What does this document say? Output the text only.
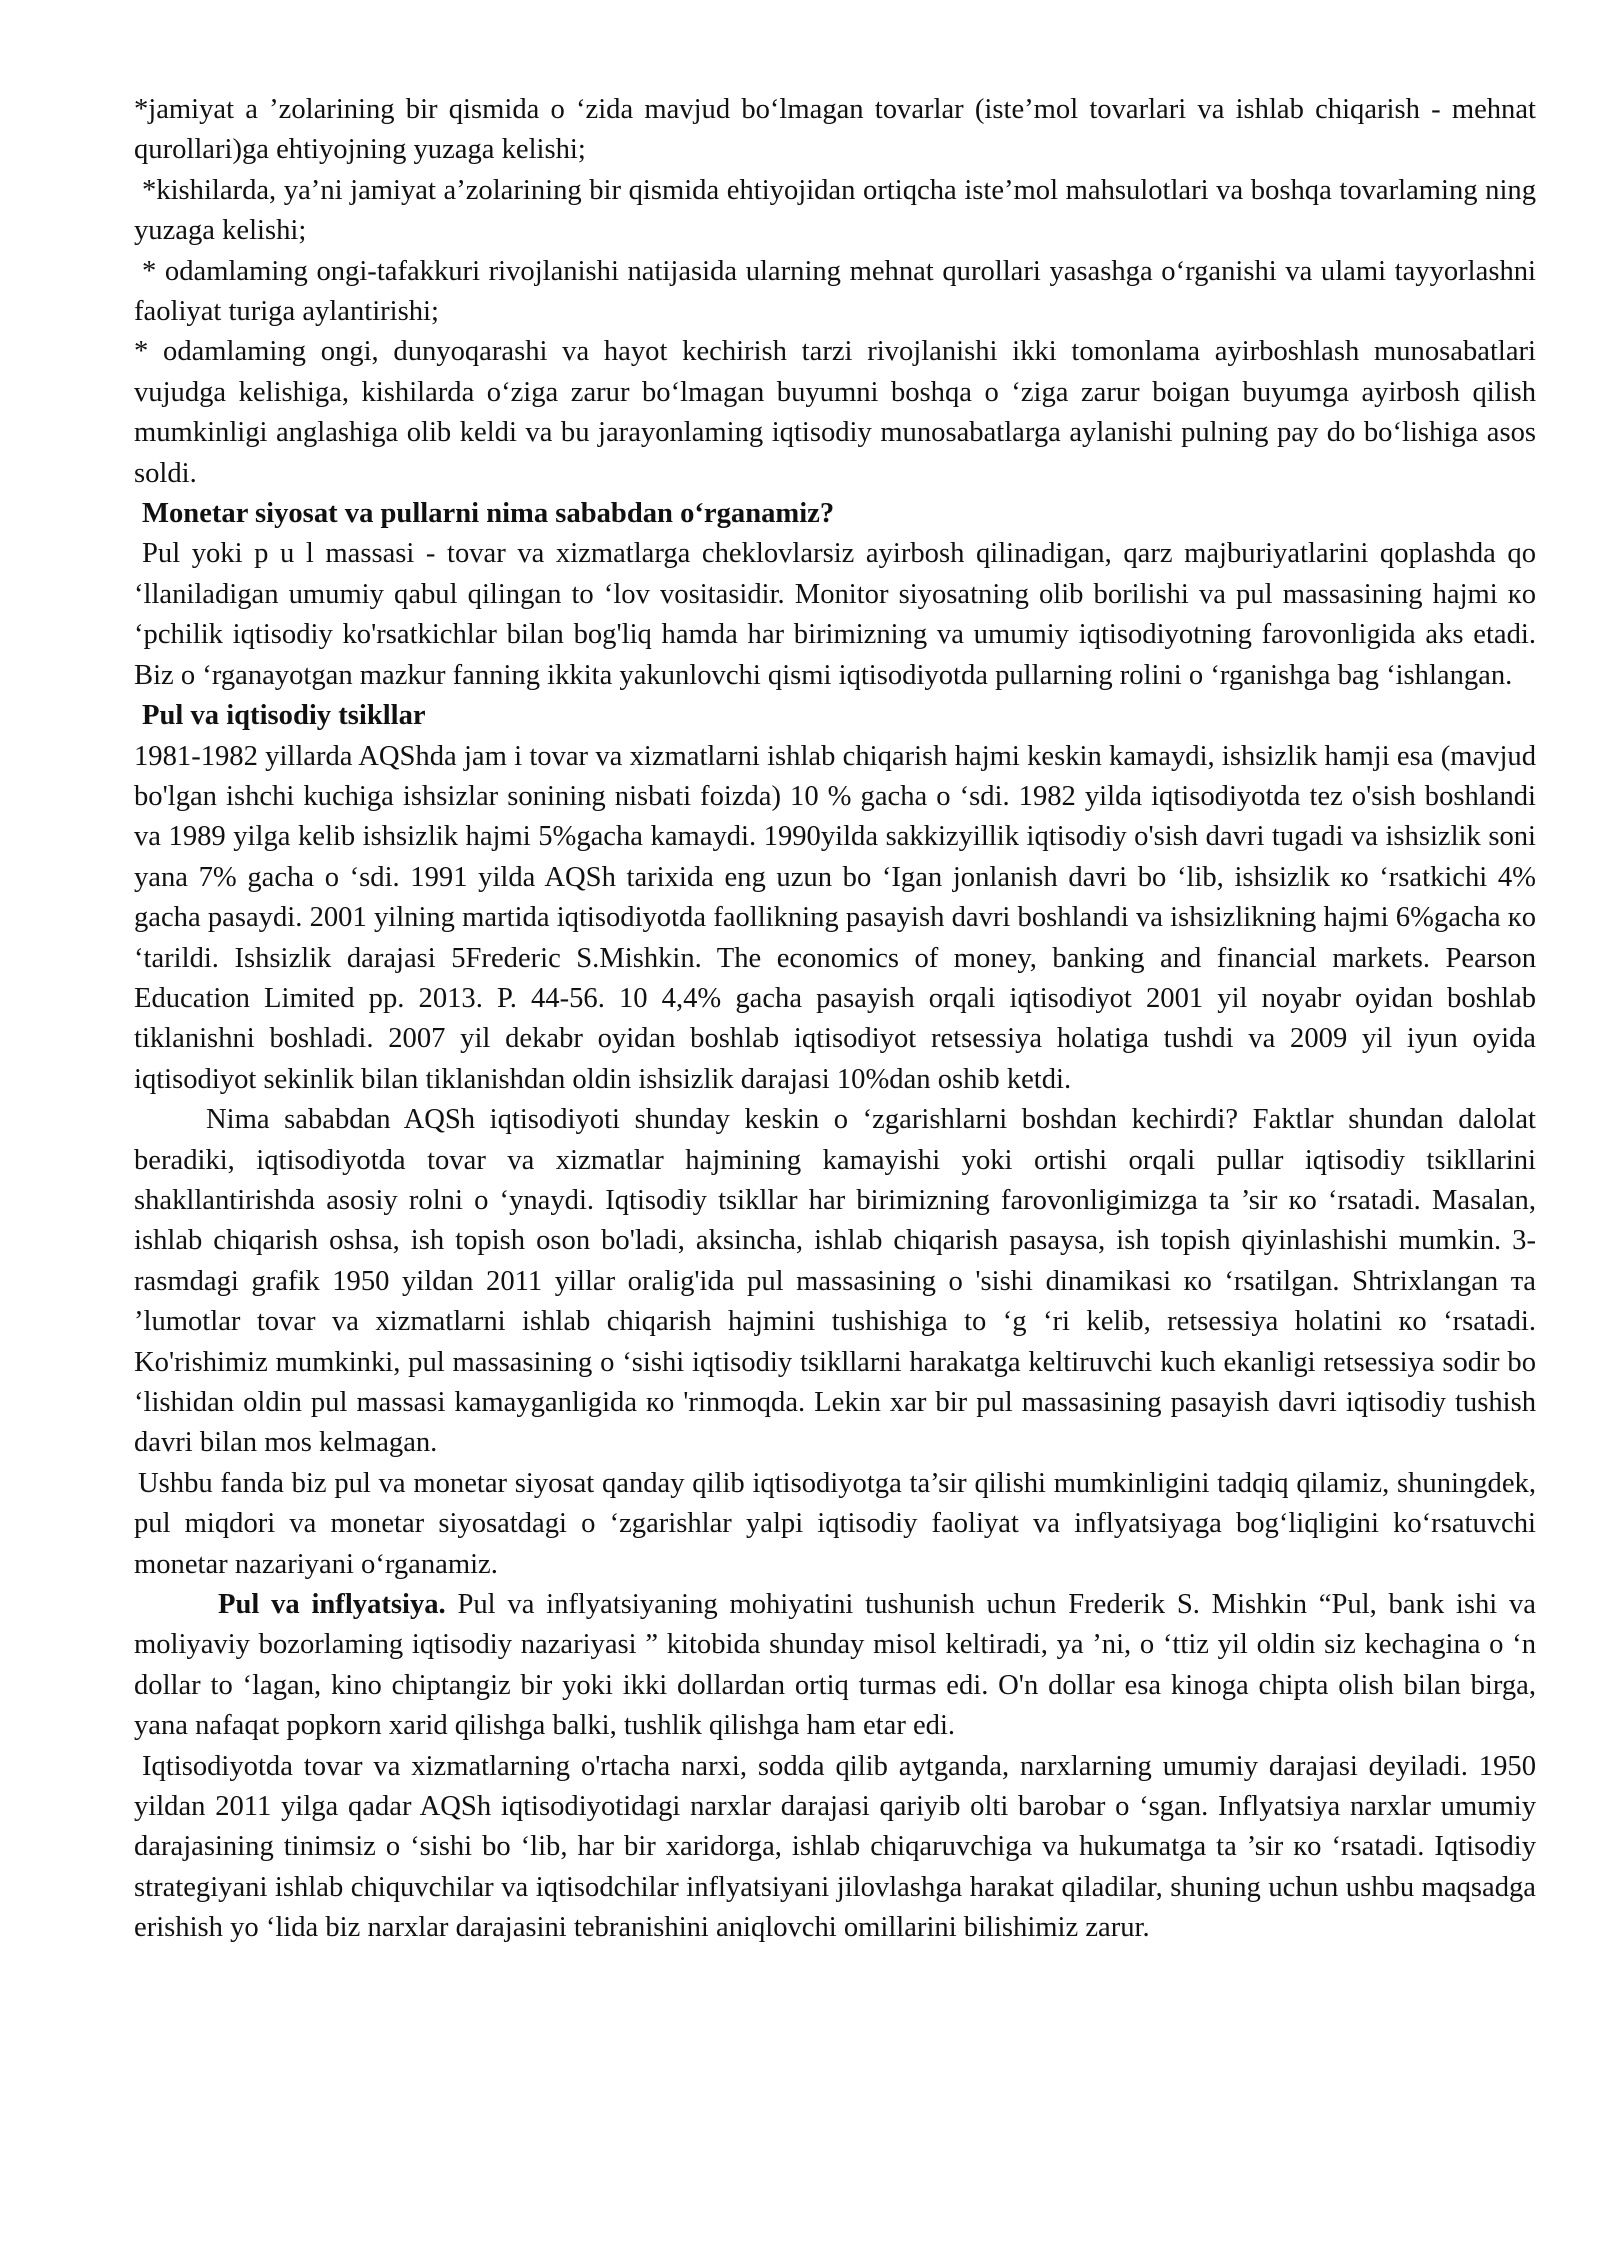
*jamiyat a ’zolarining bir qismida o ‘zida mavjud bo‘lmagan tovarlar (iste’mol tovarlari va ishlab chiqarish - mehnat qurollari)ga ehtiyojning yuzaga kelishi;

*kishilarda, ya’ni jamiyat a’zolarining bir qismida ehtiyojidan ortiqcha iste’mol mahsulotlari va boshqa tovarlaming ning yuzaga kelishi;

* odamlaming ongi-tafakkuri rivojlanishi natijasida ularning mehnat qurollari yasashga o‘rganishi va ulami tayyorlashni faoliyat turiga aylantirishi;

* odamlaming ongi, dunyoqarashi va hayot kechirish tarzi rivojlanishi ikki tomonlama ayirboshlash munosabatlari vujudga kelishiga, kishilarda o‘ziga zarur bo‘lmagan buyumni boshqa o ‘ziga zarur boigan buyumga ayirbosh qilish mumkinligi anglashiga olib keldi va bu jarayonlaming iqtisodiy munosabatlarga aylanishi pulning pay do bo‘lishiga asos soldi.

Monetar siyosat va pullarni nima sababdan o‘rganamiz?

Pul yoki p u l massasi - tovar va xizmatlarga cheklovlarsiz ayirbosh qilinadigan, qarz majburiyatlarini qoplashda qo ‘llaniladigan umumiy qabul qilingan to ‘lov vositasidir. Monitor siyosatning olib borilishi va pul massasining hajmi кo ‘pchilik iqtisodiy ko'rsatkichlar bilan bog'liq hamda har birimizning va umumiy iqtisodiyotning farovonligida aks etadi. Biz o ‘rganayotgan mazkur fanning ikkita yakunlovchi qismi iqtisodiyotda pullarning rolini o ‘rganishga bag ‘ishlangan.

Pul va iqtisodiy tsikllar

1981-1982 yillarda AQShda jam i tovar va xizmatlarni ishlab chiqarish hajmi keskin kamaydi, ishsizlik hamji esa (mavjud bo'lgan ishchi kuchiga ishsizlar sonining nisbati foizda) 10 % gacha o ‘sdi. 1982 yilda iqtisodiyotda tez o'sish boshlandi va 1989 yilga kelib ishsizlik hajmi 5%gacha kamaydi. 1990yilda sakkizyillik iqtisodiy o'sish davri tugadi va ishsizlik soni yana 7% gacha o ‘sdi. 1991 yilda AQSh tarixida eng uzun bo ‘Igan jonlanish davri bo ‘lib, ishsizlik кo ‘rsatkichi 4% gacha pasaydi. 2001 yilning martida iqtisodiyotda faollikning pasayish davri boshlandi va ishsizlikning hajmi 6%gacha кo ‘tarildi. Ishsizlik darajasi 5Frederic S.Mishkin. The economics of money, banking and financial markets. Pearson Education Limited pp. 2013. P. 44-56. 10 4,4% gacha pasayish orqali iqtisodiyot 2001 yil noyabr oyidan boshlab tiklanishni boshladi. 2007 yil dekabr oyidan boshlab iqtisodiyot retsessiya holatiga tushdi va 2009 yil iyun oyida iqtisodiyot sekinlik bilan tiklanishdan oldin ishsizlik darajasi 10%dan oshib ketdi.

Nima sababdan AQSh iqtisodiyoti shunday keskin o ‘zgarishlarni boshdan kechirdi? Faktlar shundan dalolat beradiki, iqtisodiyotda tovar va xizmatlar hajmining kamayishi yoki ortishi orqali pullar iqtisodiy tsikllarini shakllantirishda asosiy rolni o ‘ynaydi. Iqtisodiy tsikllar har birimizning farovonligimizga ta ’sir кo ‘rsatadi. Masalan, ishlab chiqarish oshsa, ish topish oson bo'ladi, aksincha, ishlab chiqarish pasaysa, ish topish qiyinlashishi mumkin. 3-rasmdagi grafik 1950 yildan 2011 yillar oralig'ida pul massasining o 'sishi dinamikasi кo ‘rsatilgan. Shtrixlangan тa ’lumotlar tovar va xizmatlarni ishlab chiqarish hajmini tushishiga to ‘g ‘ri kelib, retsessiya holatini кo ‘rsatadi. Ko'rishimiz mumkinki, pul massasining o ‘sishi iqtisodiy tsikllarni harakatga keltiruvchi kuch ekanligi retsessiya sodir bo ‘lishidan oldin pul massasi kamayganligida кo 'rinmoqda. Lekin xar bir pul massasining pasayish davri iqtisodiy tushish davri bilan mos kelmagan.

Ushbu fanda biz pul va monetar siyosat qanday qilib iqtisodiyotga ta’sir qilishi mumkinligini tadqiq qilamiz, shuningdek, pul miqdori va monetar siyosatdagi o ‘zgarishlar yalpi iqtisodiy faoliyat va inflyatsiyaga bog‘liqligini ko‘rsatuvchi monetar nazariyani o‘rganamiz.

Pul va inflyatsiya. Pul va inflyatsiyaning mohiyatini tushunish uchun Frederik S. Mishkin “Pul, bank ishi va moliyaviy bozorlaming iqtisodiy nazariyasi ” kitobida shunday misol keltiradi, ya ’ni, o ‘ttiz yil oldin siz kechagina o ‘n dollar to ‘lagan, kino chiptangiz bir yoki ikki dollardan ortiq turmas edi. O'n dollar esa kinoga chipta olish bilan birga, yana nafaqat popkorn xarid qilishga balki, tushlik qilishga ham etar edi.

Iqtisodiyotda tovar va xizmatlarning o'rtacha narxi, sodda qilib aytganda, narxlarning umumiy darajasi deyiladi. 1950 yildan 2011 yilga qadar AQSh iqtisodiyotidagi narxlar darajasi qariyib olti barobar o ‘sgan. Inflyatsiya narxlar umumiy darajasining tinimsiz o ‘sishi bo ‘lib, har bir xaridorga, ishlab chiqaruvchiga va hukumatga ta ’sir кo ‘rsatadi. Iqtisodiy strategiyani ishlab chiquvchilar va iqtisodchilar inflyatsiyani jilovlashga harakat qiladilar, shuning uchun ushbu maqsadga erishish yo ‘lida biz narxlar darajasini tebranishini aniqlovchi omillarini bilishimiz zarur.
